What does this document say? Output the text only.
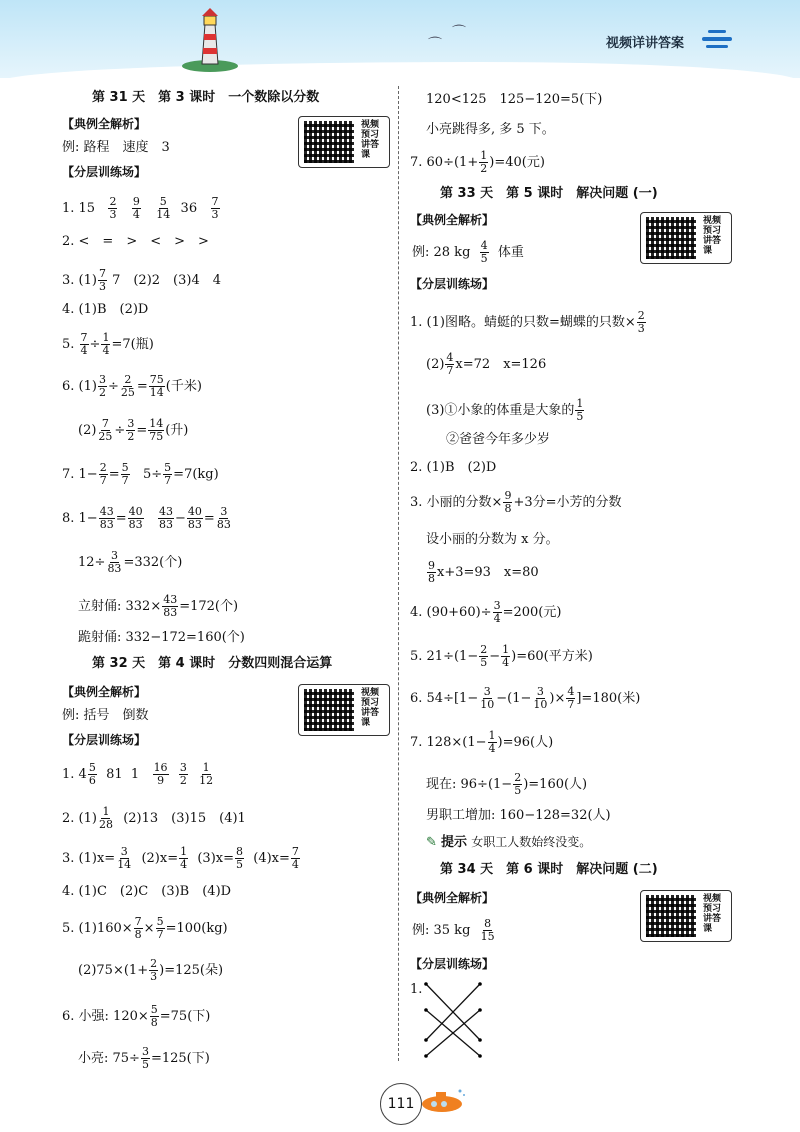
⌒
⌒	视频详讲答案
第 31 天　第 3 课时　一个数除以分数
【典例全解析】
例: 路程　速度　3
【分层训练场】
视频预习讲答课
1. $15 \frac{2}{3}$
$\frac{9}{4}$
$\frac{5}{14} 36 \frac{7}{3}$
2. <　=　>　<　>　>
3. $(1) \frac{7}{3} 7$　(2)2　(3)4　4
4. (1)B　(2)D
5. $\frac{7}{4} \div \frac{1}{4} =7$(瓶)
6. $(1) \frac{3}{2} \div \frac{2}{25} = \frac{75}{14}$ (千米)
$(2) \frac{7}{25} \div \frac{3}{2} = \frac{14}{75}$ (升)
7. $1- \frac{2}{7} = \frac{5}{7} 5\div \frac{5}{7} =7(kg)$
8. $1- \frac{43}{83} = \frac{40}{83}$
$\frac{43}{83} - \frac{40}{83} = \frac{3}{83}$
$12\div \frac{3}{83} =332$(个)
立射俑: $332\times \frac{43}{83} =172$(个)
跪射俑: 332−172=160(个)
第 32 天　第 4 课时　分数四则混合运算
【典例全解析】
例: 括号　倒数
【分层训练场】
视频预习讲答课
1. $4 \frac{5}{6} 81$  $1 \frac{16}{9}$
$\frac{3}{2}$
$\frac{1}{12}$
2. $(1) \frac{1}{28} (2)13$　(3)15　(4)1
3. $(1)x= \frac{3}{14} (2)x= \frac{1}{4} (3)x= \frac{8}{5} (4)x= \frac{7}{4}$
4. (1)C　(2)C　(3)B　(4)D
5. $(1)160\times \frac{7}{8} \times \frac{5}{7} =100(kg)$
$(2)75\times(1+ \frac{2}{3} )=125$(朵)
6. 小强: $120\times \frac{5}{8} =75$(下)
小亮: $75\div \frac{3}{5} =125$(下)
120<125　125−120=5(下)
小亮跳得多, 多 5 下。
7. $60\div(1+ \frac{1}{2} )=40$(元)
第 33 天　第 5 课时　解决问题 (一)
【典例全解析】
例: 28 kg $\frac{4}{5}$ 体重
【分层训练场】
视频预习讲答课
1. (1)图略。蜻蜓的只数=蝴蝶的只数× $\frac{2}{3}$
$(2) \frac{4}{7} x=72$　x=126
(3)①小象的体重是大象的 $\frac{1}{5}$
②爸爸今年多少岁
2. (1)B　(2)D
3. 小丽的分数× $\frac{9}{8} +3$分=小芳的分数
设小丽的分数为 x 分。
$\frac{9}{8} x+3=93$　x=80
4. $(90+60)\div \frac{3}{4} =200$(元)
5. $21\div(1- \frac{2}{5} - \frac{1}{4} )=60$(平方米)
6. $54\div[1- \frac{3}{10} -(1- \frac{3}{10}$ )× $\frac{4}{7} ]=180$(米)
7. $128\times(1- \frac{1}{4} )=96$(人)
现在: $96\div(1- \frac{2}{5} )=160$(人)
男职工增加: 160−128=32(人)
✎ 提示 女职工人数始终没变。
第 34 天　第 6 课时　解决问题 (二)
【典例全解析】
例: 35 kg $\frac{8}{15}$
【分层训练场】
视频预习讲答课
1.
111
